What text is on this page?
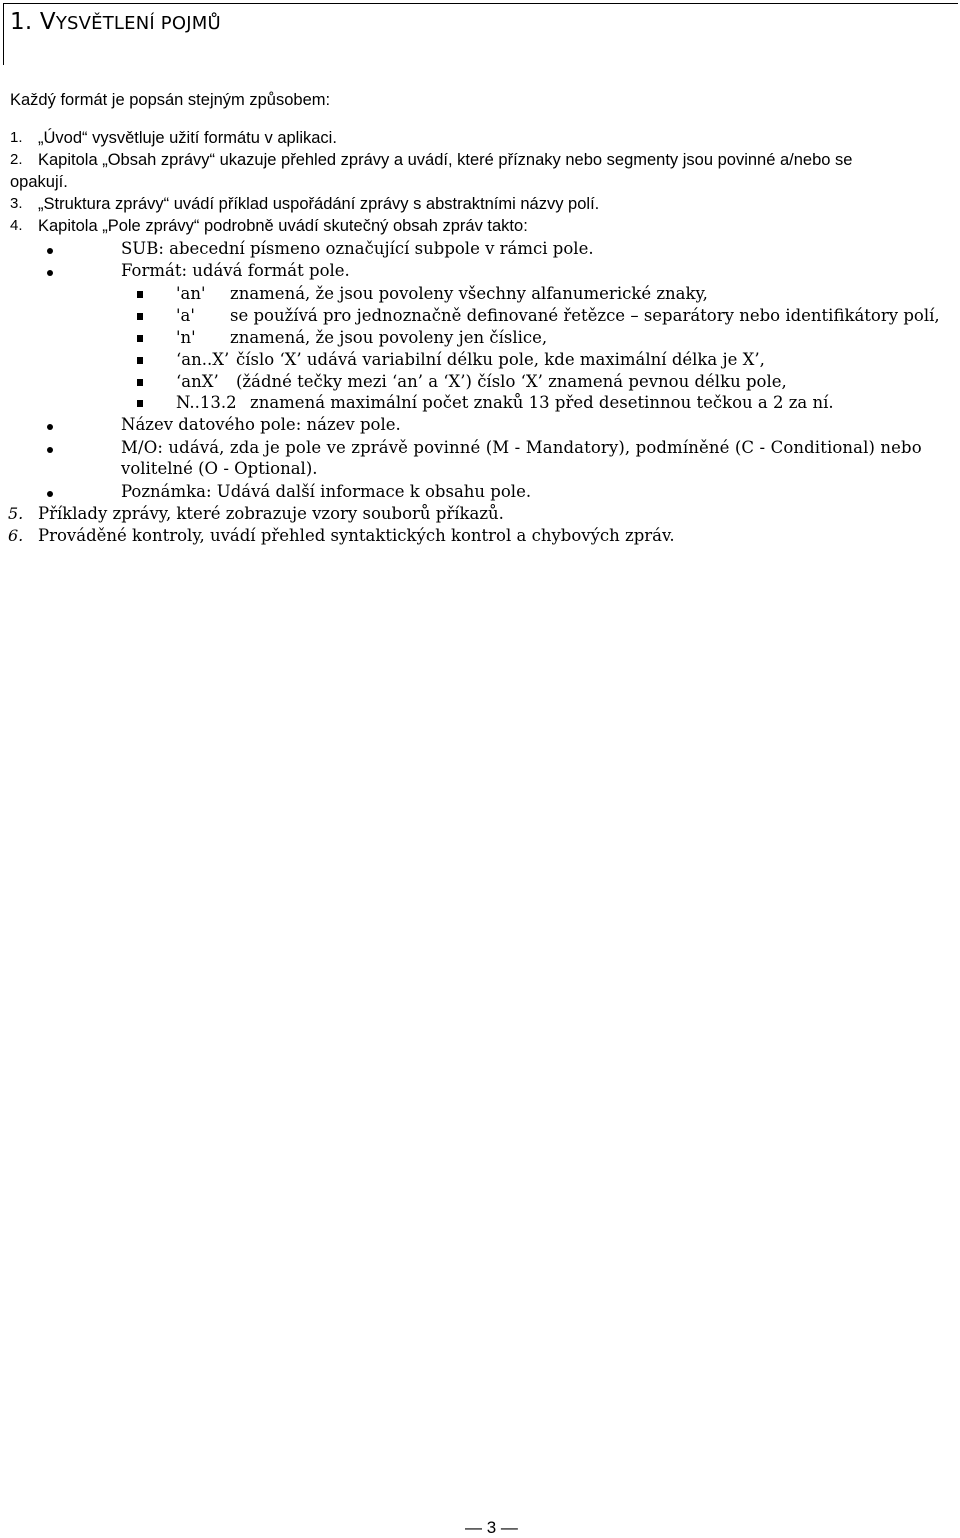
1. VYSVĚTLENÍ POJMŮ
Každý formát je popsán stejným způsobem:
1. „Úvod“ vysvětluje užití formátu v aplikaci.
2. Kapitola „Obsah zprávy“ ukazuje přehled zprávy a uvádí, které příznaky nebo segmenty jsou povinné a/nebo se
opakují.
3. „Struktura zprávy“ uvádí příklad uspořádání zprávy s abstraktními názvy polí.
4. Kapitola „Pole zprávy“ podrobně uvádí skutečný obsah zpráv takto:
SUB: abecední písmeno označující subpole v rámci pole.
Formát: udává formát pole.
'an' znamená, že jsou povoleny všechny alfanumerické znaky,
'a' se používá pro jednoznačně definované řetězce – separátory nebo identifikátory polí,
'n' znamená, že jsou povoleny jen číslice,
‘an..X’ číslo ‘X’ udává variabilní délku pole, kde maximální délka je X’,
‘anX’ (žádné tečky mezi ‘an’ a ‘X’) číslo ‘X’ znamená pevnou délku pole,
N..13.2 znamená maximální počet znaků 13 před desetinnou tečkou a 2 za ní.
Název datového pole: název pole.
M/O: udává, zda je pole ve zprávě povinné (M - Mandatory), podmíněné (C - Conditional) nebo
volitelné (O - Optional).
Poznámka: Udává další informace k obsahu pole.
5. Příklady zprávy, které zobrazuje vzory souborů příkazů.
6. Prováděné kontroly, uvádí přehled syntaktických kontrol a chybových zpráv.
— 3 —
